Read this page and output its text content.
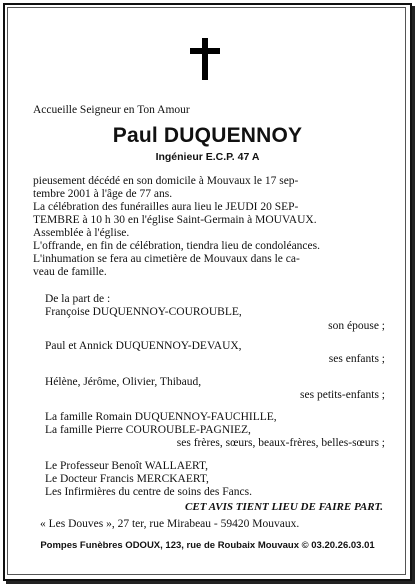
Accueille Seigneur en Ton Amour
Paul DUQUENNOY
Ingénieur E.C.P. 47 A
pieusement décédé en son domicile à Mouvaux le 17 sep-
tembre 2001 à l'âge de 77 ans.
La célébration des funérailles aura lieu le JEUDI 20 SEP-
TEMBRE à 10 h 30 en l'église Saint-Germain à MOUVAUX.
Assemblée à l'église.
L'offrande, en fin de célébration, tiendra lieu de condoléances.
L'inhumation se fera au cimetière de Mouvaux dans le ca-
veau de famille.
De la part de :
Françoise DUQUENNOY-COUROUBLE,
son épouse ;
Paul et Annick DUQUENNOY-DEVAUX,
ses enfants ;
Hélène, Jérôme, Olivier, Thibaud,
ses petits-enfants ;
La famille Romain DUQUENNOY-FAUCHILLE,
La famille Pierre COUROUBLE-PAGNIEZ,
ses frères, sœurs, beaux-frères, belles-sœurs ;
Le Professeur Benoît WALLAERT,
Le Docteur Francis MERCKAERT,
Les Infirmières du centre de soins des Fancs.
CET AVIS TIENT LIEU DE FAIRE PART.
« Les Douves », 27 ter, rue Mirabeau - 59420 Mouvaux.
Pompes Funèbres ODOUX, 123, rue de Roubaix Mouvaux © 03.20.26.03.01
